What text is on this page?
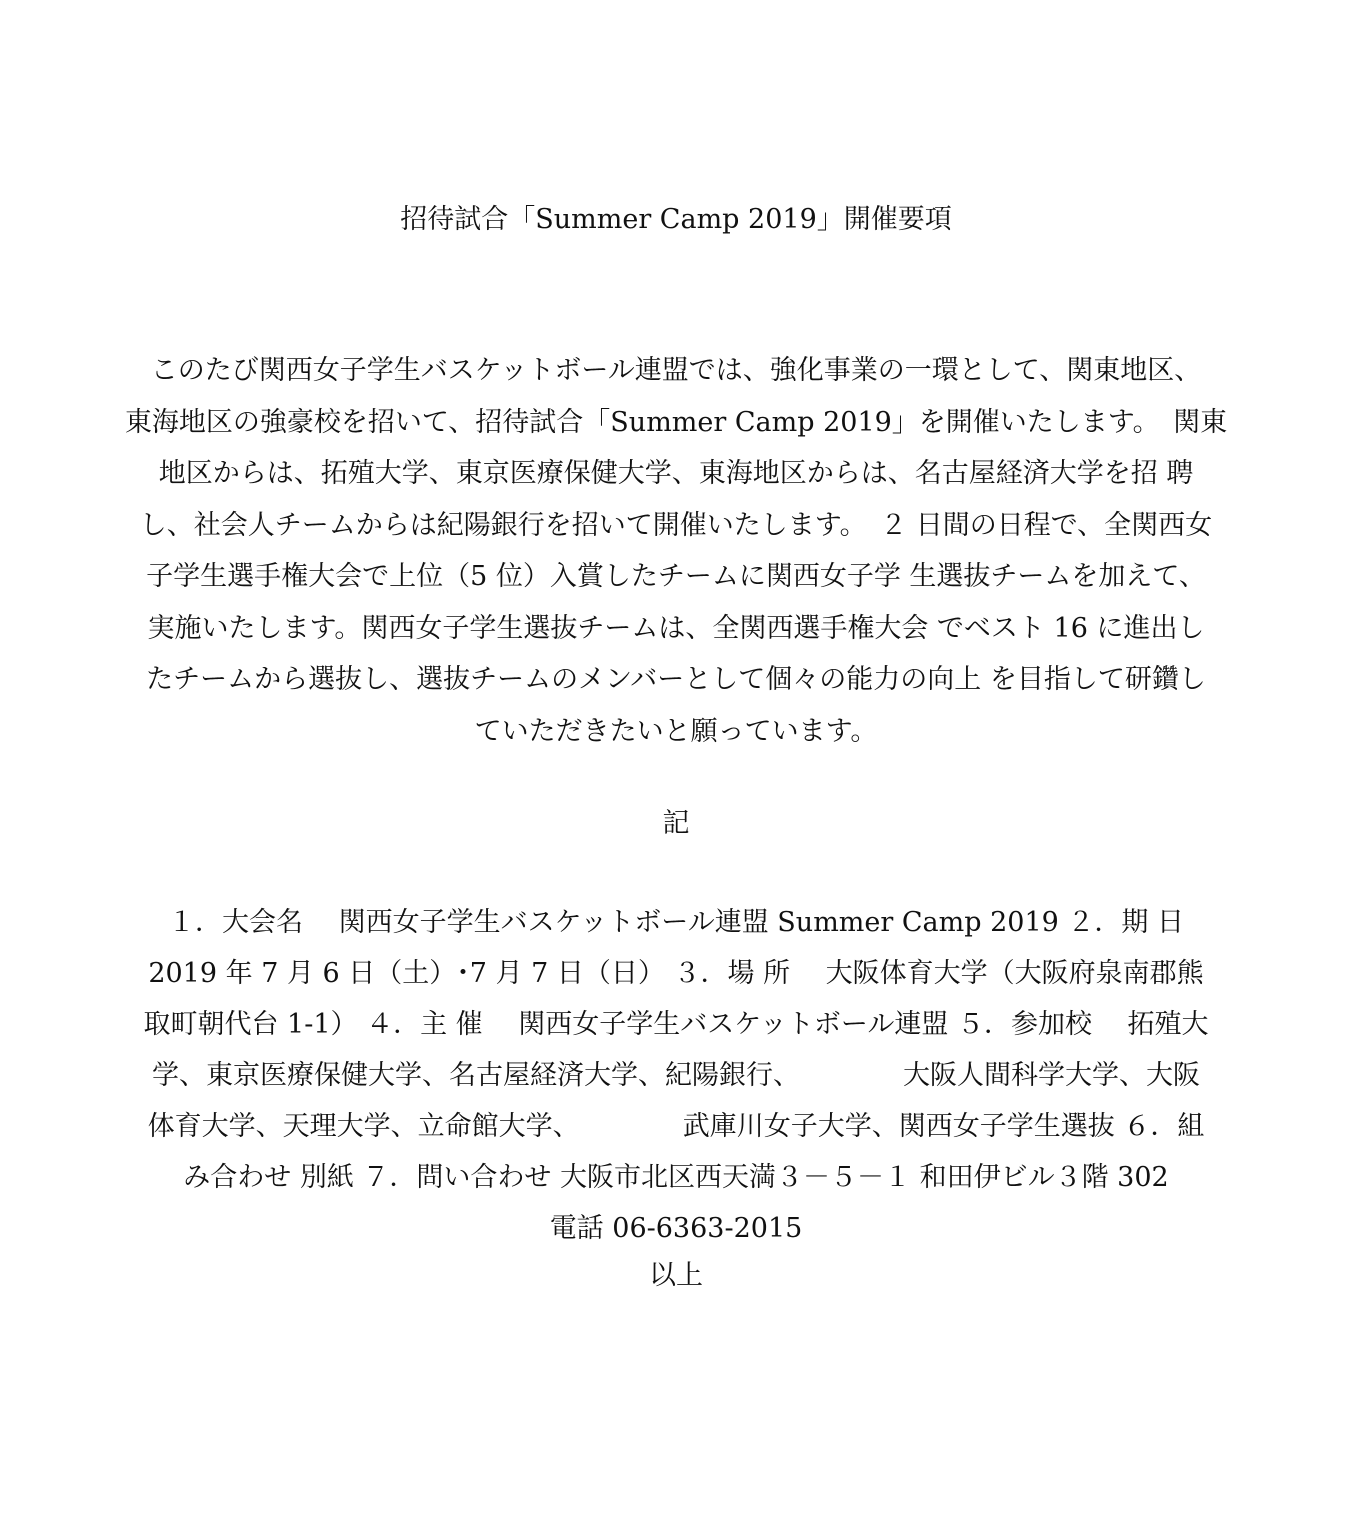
招待試合「Summer Camp 2019」開催要項
このたび関西女子学生バスケットボール連盟では、強化事業の一環として、関東地区、
東海地区の強豪校を招いて、招待試合「Summer Camp 2019」を開催いたします。　関東
地区からは、拓殖大学、東京医療保健大学、東海地区からは、名古屋経済大学を招 聘
し、社会人チームからは紀陽銀行を招いて開催いたします。　２ 日間の日程で、全関西女
子学生選手権大会で上位（5 位）入賞したチームに関西女子学 生選抜チームを加えて、
実施いたします。関西女子学生選抜チームは、全関西選手権大会 でベスト 16 に進出し
たチームから選抜し、選抜チームのメンバーとして個々の能力の向上 を目指して研鑽し
ていただきたいと願っています。
記
１．大会名　 関西女子学生バスケットボール連盟 Summer Camp 2019 ２．期 日
2019 年 7 月 6 日（土）･7 月 7 日（日） ３．場 所　 大阪体育大学（大阪府泉南郡熊
取町朝代台 1-1） ４．主 催　 関西女子学生バスケットボール連盟 ５．参加校　 拓殖大
学、東京医療保健大学、名古屋経済大学、紀陽銀行、　　　　 大阪人間科学大学、大阪
体育大学、天理大学、立命館大学、　　　　 武庫川女子大学、関西女子学生選抜 ６．組
み合わせ 別紙 ７．問い合わせ 大阪市北区西天満３－５－１ 和田伊ビル３階 302
電話 06‐6363‐2015
以上
